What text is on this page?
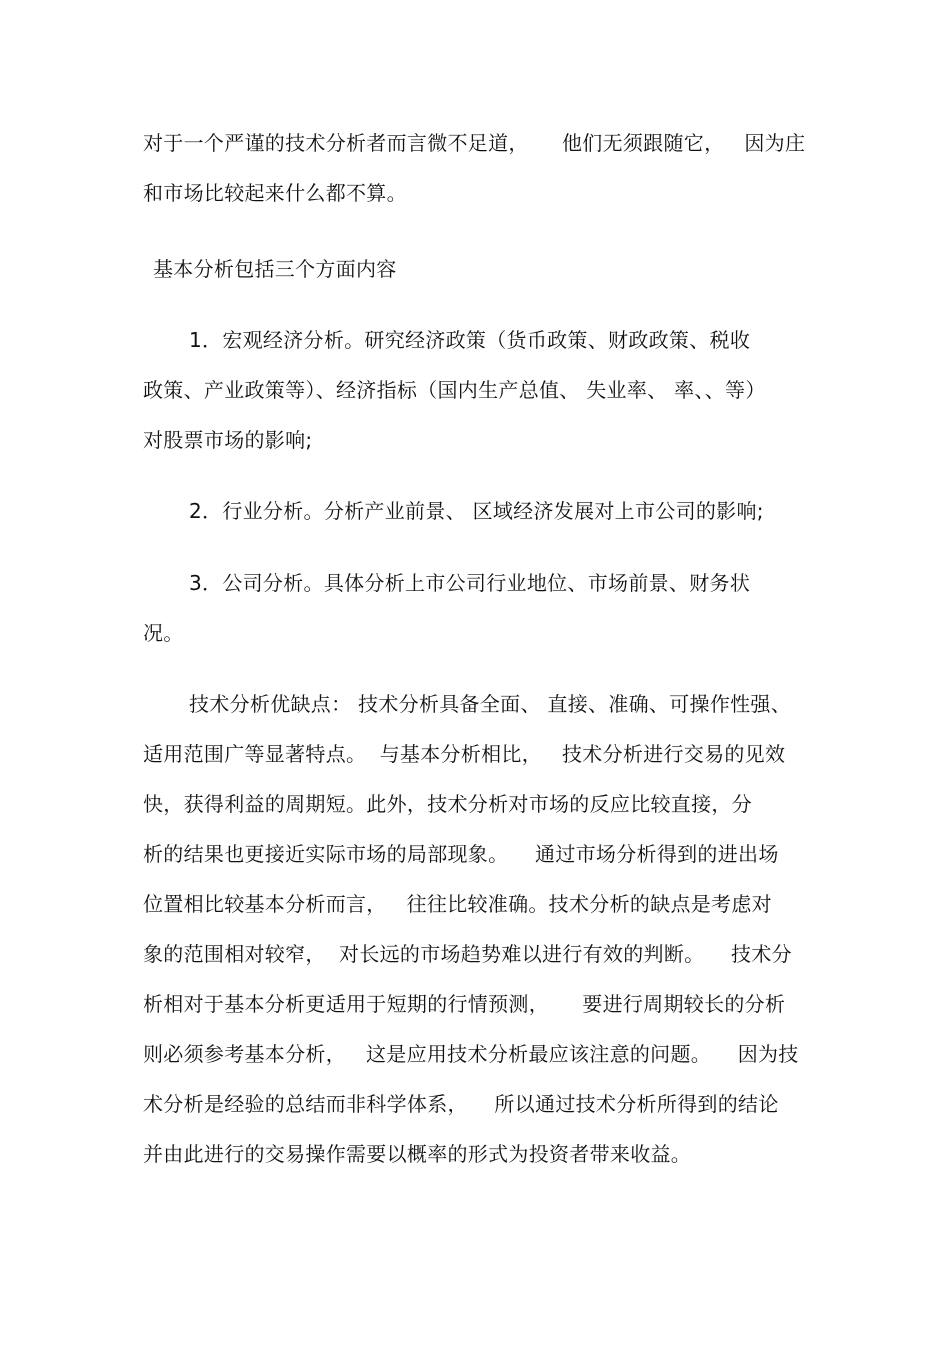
对于一个严谨的技术分析者而言微不足道，     他们无须跟随它，   因为庄
和市场比较起来什么都不算。
基本分析包括三个方面内容
1．宏观经济分析。研究经济政策（货币政策、财政政策、税收
政策、产业政策等）、经济指标（国内生产总值、 失业率、 率、、等）
对股票市场的影响;
2．行业分析。分析产业前景、 区域经济发展对上市公司的影响;
3．公司分析。具体分析上市公司行业地位、市场前景、财务状
况。
技术分析优缺点： 技术分析具备全面、 直接、准确、可操作性强、
适用范围广等显著特点。  与基本分析相比，   技术分析进行交易的见效
快，获得利益的周期短。此外，技术分析对市场的反应比较直接，分
析的结果也更接近实际市场的局部现象。    通过市场分析得到的进出场
位置相比较基本分析而言，   往往比较准确。技术分析的缺点是考虑对
象的范围相对较窄，  对长远的市场趋势难以进行有效的判断。    技术分
析相对于基本分析更适用于短期的行情预测，     要进行周期较长的分析
则必须参考基本分析，   这是应用技术分析最应该注意的问题。    因为技
术分析是经验的总结而非科学体系，    所以通过技术分析所得到的结论
并由此进行的交易操作需要以概率的形式为投资者带来收益。
